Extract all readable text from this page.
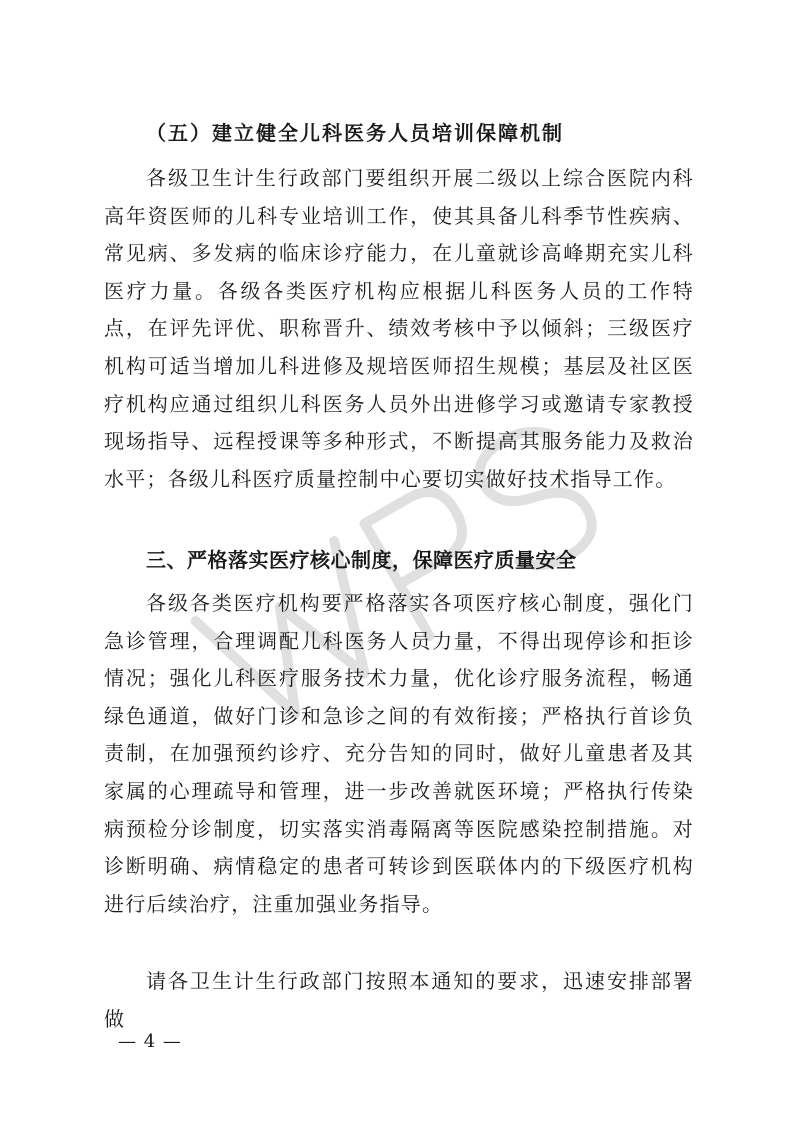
（五）建立健全儿科医务人员培训保障机制

各级卫生计生行政部门要组织开展二级以上综合医院内科高年资医师的儿科专业培训工作，使其具备儿科季节性疾病、常见病、多发病的临床诊疗能力，在儿童就诊高峰期充实儿科医疗力量。各级各类医疗机构应根据儿科医务人员的工作特点，在评先评优、职称晋升、绩效考核中予以倾斜；三级医疗机构可适当增加儿科进修及规培医师招生规模；基层及社区医疗机构应通过组织儿科医务人员外出进修学习或邀请专家教授现场指导、远程授课等多种形式，不断提高其服务能力及救治水平；各级儿科医疗质量控制中心要切实做好技术指导工作。

三、严格落实医疗核心制度，保障医疗质量安全

各级各类医疗机构要严格落实各项医疗核心制度，强化门急诊管理，合理调配儿科医务人员力量，不得出现停诊和拒诊情况；强化儿科医疗服务技术力量，优化诊疗服务流程，畅通绿色通道，做好门诊和急诊之间的有效衔接；严格执行首诊负责制，在加强预约诊疗、充分告知的同时，做好儿童患者及其家属的心理疏导和管理，进一步改善就医环境；严格执行传染病预检分诊制度，切实落实消毒隔离等医院感染控制措施。对诊断明确、病情稳定的患者可转诊到医联体内的下级医疗机构进行后续治疗，注重加强业务指导。

请各卫生计生行政部门按照本通知的要求，迅速安排部署做

— 4 —
